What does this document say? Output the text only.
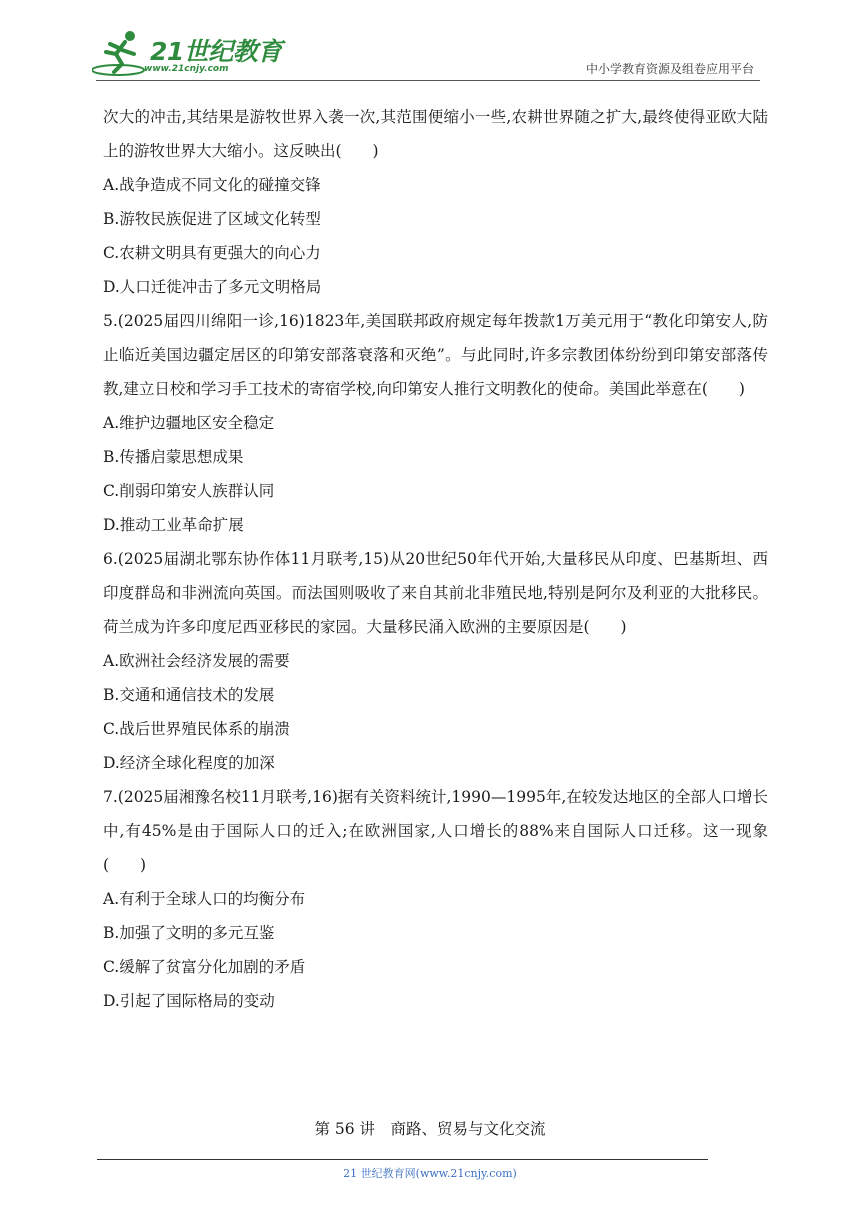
21世纪教育
www.21cnjy.com	中小学教育资源及组卷应用平台

次大的冲击,其结果是游牧世界入袭一次,其范围便缩小一些,农耕世界随之扩大,最终使得亚欧大陆上的游牧世界大大缩小。这反映出(　　)

A.战争造成不同文化的碰撞交锋

B.游牧民族促进了区域文化转型

C.农耕文明具有更强大的向心力

D.人口迁徙冲击了多元文明格局

5.(2025届四川绵阳一诊,16)1823年,美国联邦政府规定每年拨款1万美元用于“教化印第安人,防止临近美国边疆定居区的印第安部落衰落和灭绝”。与此同时,许多宗教团体纷纷到印第安部落传教,建立日校和学习手工技术的寄宿学校,向印第安人推行文明教化的使命。美国此举意在(　　)

A.维护边疆地区安全稳定

B.传播启蒙思想成果

C.削弱印第安人族群认同

D.推动工业革命扩展

6.(2025届湖北鄂东协作体11月联考,15)从20世纪50年代开始,大量移民从印度、巴基斯坦、西印度群岛和非洲流向英国。而法国则吸收了来自其前北非殖民地,特别是阿尔及利亚的大批移民。荷兰成为许多印度尼西亚移民的家园。大量移民涌入欧洲的主要原因是(　　)

A.欧洲社会经济发展的需要

B.交通和通信技术的发展

C.战后世界殖民体系的崩溃

D.经济全球化程度的加深

7.(2025届湘豫名校11月联考,16)据有关资料统计,1990—1995年,在较发达地区的全部人口增长中,有45%是由于国际人口的迁入;在欧洲国家,人口增长的88%来自国际人口迁移。这一现象(　　)

A.有利于全球人口的均衡分布

B.加强了文明的多元互鉴

C.缓解了贫富分化加剧的矛盾

D.引起了国际格局的变动

第 56 讲　商路、贸易与文化交流
21 世纪教育网(www.21cnjy.com)
